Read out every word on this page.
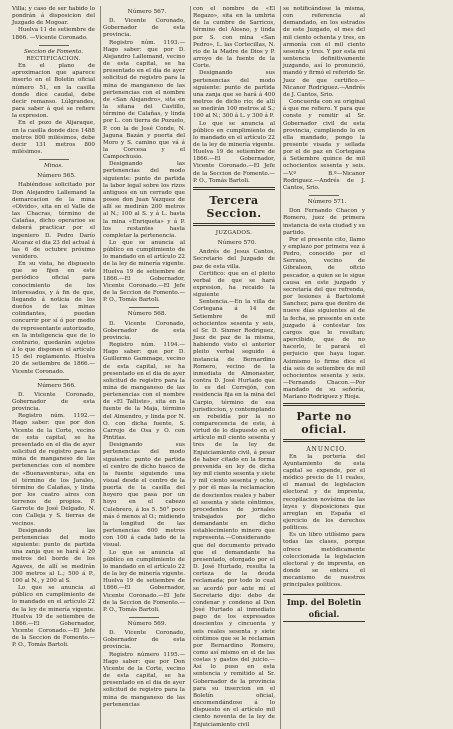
Villa; y caso de ser habido lo pondrán á disposicion del Juzgado de Mogoar.

Huelva 11 de setiembre de 1866. —Vicente Coronado.

Seccion de Fomento.

RECTIFICACION.

En el plano de aproximacion que aparece inserto en el Boletin oficial número 51, en la casilla donde dice caudal, debe decir remanso. Lúlgrandes, para saber á qué se refiere la expresion.

En el pozo de Aljaraque, en la casilla donde dice 1488 metros 800 milésimos, debe decir 131 metros 800 milésimos.

Minas.

Número 565.

Habiéndose solicitado por Don Alejandro Lallemand la demarcacion de la mina «Olvido», sita en el Valle de las Chacras, término de Calañas, dicho operarioe se deberá practicar por el ingeniero D. Pedro Darío Alcaraz el dia 23 del actual á las 6 de octubre próximo venidero.

En su vista, he dispuesto que se fijen en este periódico oficial para conocimiento de los interesados, y á fin de que, llegando á noticia de los dueños de las minas colindantes, puedan concurrir por sí ó por medio de representante autorizado, en la inteligencia que de lo contrario, quedarán sujetos á lo que disponen el artículo 15 del reglamento. Huelva 20 de setiembre de 1866.—Vicente Coronado.

Número 566.

D. Vicente Coronado, Gobernador de esta provincia.

Registro núm. 1192.—Hago saber: que por don Vicente de la Corte, vecino de esta capital, se ha presentado en el dia de ayer solicitud de registro para la mina de manganeso de las pertenencias con el nombre de «Buenaventura», sita en el término de los Jarales, término de Calañas, y linda por los cuatro aires con terrenos de propios. P. Garrote de José Delgado, N. con Calleja y S. tierras de vecinos.

Designando las pertenencias del modo siguiente: punto de partida una zanja que se hará á 20 metros del borde de los Agaves, de allí se medirán 300 metros al L.; 500 á P., 100 al N., y 200 al S.

Lo que se anuncia al público en cumplimiento de lo mandado en el artículo 22 de la ley de minería vigente. Huelva 19 de setiembre de 1866.—El Gobernador, Vicente Coronado.—El Jefe de la Seccion de Fomento.—P. O., Tomás Bartoli.

Número 567.

D. Vicente Coronado, Gobernador de esta provincia.

Registro núm. 1193.—Hago saber: que por D. Alejandro Lallemand, vecino de esta capital, se ha presentado en el dia de ayer solicitud de registro para la mina de manganeso de las pertenencias con el nombre de «San Alejandro», sita en la sitana del Castillo, término de Calañas, y linda por L. con tierra de Pozuelo, P. con la de José Conde, N. Jaguna Bazán y puerta del Moro y S. camino que vá á la Corcesa y el Campochusio.

Designando las pertenencias del modo siguiente: punto de partida la labor legal sobre los rizos antiguos en un cerrado que posee don Juan Vazquez de allí se medirán 200 metros al N.; 100 al S. y á L. hasta la mina «Enriqueta» y á P. los restantes hasta completar la pertenencia.

Lo que se anuncia al público en cumplimiento de lo mandado en el artículo 22 de la ley de minería vigente. Huelva 19 de setiembre de 1866.—El Gobernador, Vicente Coronado.—El Jefe de la Seccion de Fomento.—P. O., Tomás Bartoli.

Número 568.

D. Vicente Coronado, Gobernador de esta provincia.

Registro núm. 1194.—Hago saber: que por D. Guillermo Gammage, vecino de esta capital, se ha presentado en el dia de ayer solicitud de registro para la mina de manganeso de las pertenencias con el nombre de «El Talliste», sita en la fuente de la Maja, término del Almendro, y linda por N. O. con dicha fuente, S. Carrojo de Osa y O. con Pintitas.

Designando sus pertenencias del modo siguiente: punto de partida el centro de dicho hueco de la fuente siguiendo una visual desde el centro de la puerta de la casilla del hoyero que pasa por un hoyo en el cabezo Culebrero, á los 5. 50° poco más ó menos al O.; midiendo la longitud de las pertenencias 600 metros con 100 á cada lado de la visual.

Lo que se anuncia al público en cumplimiento de lo mandado en el artículo 22 de la ley de minería vigente. Huelva 19 de setiembre de 1866.—El Gobernador, Vicente Coronado.—El Jefe de la Seccion de Fomento.—P. O., Tomás Bartoli.

Número 569.

D. Vicente Coronado, Gobernador de esta provincia.

Registro número 1195.—Hago saber: que por Don Vicente de la Corte, vecino de esta capital, se ha presentado en el dia de ayer solicitud de registro para la mina de manganeso de las pertenencias

con el nombre de «El Regazo», sita en la umbria de la cumbre de Sarricos, término del Alosno, y linda por S. con mina «San Pedro», L. las Cortecillas, N. rio de la Madre de Dios y P. arroyo de la fuente de la Corte.

Designando sus pertenencias del modo siguiente: punto de partida una zanja que se hará á 400 metros de dicho rio; de allí se medirán 100 metros al S.; 100 al N.; 300 á L. y 300 á P.

Lo que se anuncia al público en cumplimiento de lo mandado en el artículo 22 de la ley de minería vigente. Huelva 19 de setiembre de 1866.—El Gobernador, Vicente Coronado.—El Jefe de la Seccion de Fomento.—P. O., Tomás Bartoli.

Tercera Seccion.

JUZGADOS.

Número 570.

Andrés de Jesus Cantos, Secretario del Juzgado de paz de esta villa.

Certifico: que en el pleito verbal de que se hará expresion, ha recaido la siguiente

Sentencia.—En la villa de Cortegana á 14 de Setiembre de mil ochocientos sesenta y seis, el Sr. D. Sixmer Rodriguez, Juez de paz de la misma, habiendo visto el anterior pleito verbal seguido á instancia de Bernardino Romero, vecino de la inmediata de Almonaster, contra D. José Hurtado que lo es del Cerrejón, con residencia fija en la mina del Carpio, término de esa jurisdiccion, y contemplando en rebeldía por la no comparecencia de este, á virtud de lo dispuesto en el artículo mil ciento sesenta y tres de la ley de Enjuiciamiento civil, á pesar de haber citado en la forma prevenida en ley de dicha ley mil ciento sesenta y siete y mil ciento sesenta y ocho, y por él mas la reclamacion de doscientos reales y haber el sesenta y siete céntimos, procedentes de jornales trabajados por dicho demandante en dicho establecimiento minero que representa.—Considerando que del documento privado que el demandante ha presentado, otorgado por el D. José Hurtado, resulta la certeza de la deuda reclamada; por todo lo cual se acordó por ante mí el Secretario dijo: debo de condenar y condeno al Don José Hurtado al inmediato pago de los expresados doscientos y cincuenta y seis reales sesenta y siete céntimos que se le reclaman por Bernardino Romero, como así mismo en el de las costas y gastos del juicio.—Así lo puso en esta sentencia y remitido al Sr. Gobernador de la provincia para su insercion en el Boletín oficial, encomendándose á lo dispuesto en el artículo mil ciento noventa de la ley de Enjuiciamiento civil

se notificándose la misma, con referencia al demandado, en los estrados de este Juzgado, el mes del mil ciento ochenta y tres, en armonía con el mil ciento sesenta y tres. Y por esta mi sentencia definitivamente juzgando, así lo pronunció, mandó y firmó el referido Sr. Juez de que certifico.—Nicanor Rodriguez.—Andrés de J. Cantos, Srio.

Concuerda con su original á que me refiero. Y para que conste y remitir al Sr. Gobernador civil de esta provincia, cumpliendo lo en ella mandado, pongo la presente visada y sellada por el de paz en Cortegana á Setiembre quince de mil ochocientos sesenta y seis.—V.º B.º—Nicanor Rodriguez.—Andrés de J. Cantos, Srio.

Número 571.

Don Fernando Chacon y Romero, juez de primera instancia de esta ciudad y su partido.

Por el presente cito, llamo y emplazo por primera vez á Pedro, conocido por el Serrano, vecino de Gibraleon, de oficio pescador, a quien se le sigue causa en este juzgado y secretaría del que refrenda, por lesiones á Bartolomé Sanchez; para que dentro de nueve días siguientes al de la fecha, se presente en este juzgado á contestar los cargos que le resultan; apercibido, que de no hacerlo, le parará el perjuicio que haya lugar. Asimismo lo firme dice el día seis de setiembre de mil ochocientos sesenta y seis.—Fernando Chacon.—Por mandado de su señoría, Mariano Rodriguez y Rioja.

Parte no oficial.

ANUNCIO.

En la portería del Ayuntamiento de esta capital se expende, por el módico precio de 11 reales, el manual de legislacion electoral y de imprenta, recopilacion novísima de las leyes y disposiciones que arreglan en España el ejercicio de los derechos políticos.

Es un libro utilísimo para todas las clases, porque ofrece metódicamente coleccionada la legislacion electoral y de imprenta, en donde se entera el mecanismo de nuestros principales políticos.

Imp. del Boletin oficial.
